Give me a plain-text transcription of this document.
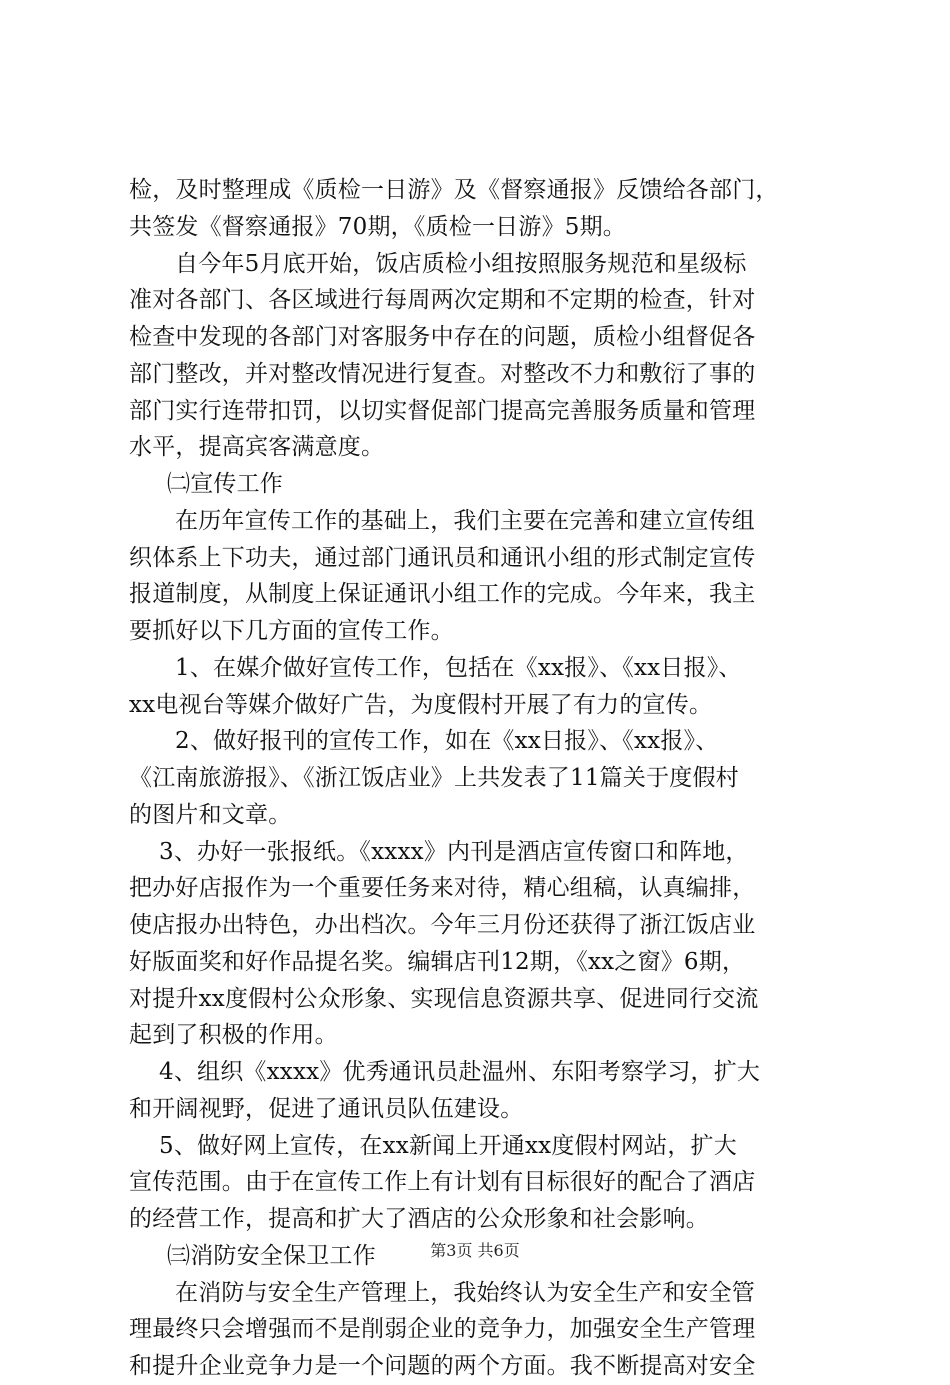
检，及时整理成《质检一日游》及《督察通报》反馈给各部门，
共签发《督察通报》70期，《质检一日游》5期。
自今年5月底开始，饭店质检小组按照服务规范和星级标
准对各部门、各区域进行每周两次定期和不定期的检查，针对
检查中发现的各部门对客服务中存在的问题，质检小组督促各
部门整改，并对整改情况进行复查。对整改不力和敷衍了事的
部门实行连带扣罚，以切实督促部门提高完善服务质量和管理
水平，提高宾客满意度。
㈡宣传工作
在历年宣传工作的基础上，我们主要在完善和建立宣传组
织体系上下功夫，通过部门通讯员和通讯小组的形式制定宣传
报道制度，从制度上保证通讯小组工作的完成。今年来，我主
要抓好以下几方面的宣传工作。
1、在媒介做好宣传工作，包括在《xx报》、《xx日报》、
xx电视台等媒介做好广告，为度假村开展了有力的宣传。
2、做好报刊的宣传工作，如在《xx日报》、《xx报》、
《江南旅游报》、《浙江饭店业》上共发表了11篇关于度假村
的图片和文章。
3、办好一张报纸。《xxxx》内刊是酒店宣传窗口和阵地，
把办好店报作为一个重要任务来对待，精心组稿，认真编排，
使店报办出特色，办出档次。今年三月份还获得了浙江饭店业
好版面奖和好作品提名奖。编辑店刊12期，《xx之窗》6期，
对提升xx度假村公众形象、实现信息资源共享、促进同行交流
起到了积极的作用。
4、组织《xxxx》优秀通讯员赴温州、东阳考察学习，扩大
和开阔视野，促进了通讯员队伍建设。
5、做好网上宣传，在xx新闻上开通xx度假村网站，扩大
宣传范围。由于在宣传工作上有计划有目标很好的配合了酒店
的经营工作，提高和扩大了酒店的公众形象和社会影响。
㈢消防安全保卫工作
在消防与安全生产管理上，我始终认为安全生产和安全管
理最终只会增强而不是削弱企业的竞争力，加强安全生产管理
和提升企业竞争力是一个问题的两个方面。我不断提高对安全
第3页 共6页
